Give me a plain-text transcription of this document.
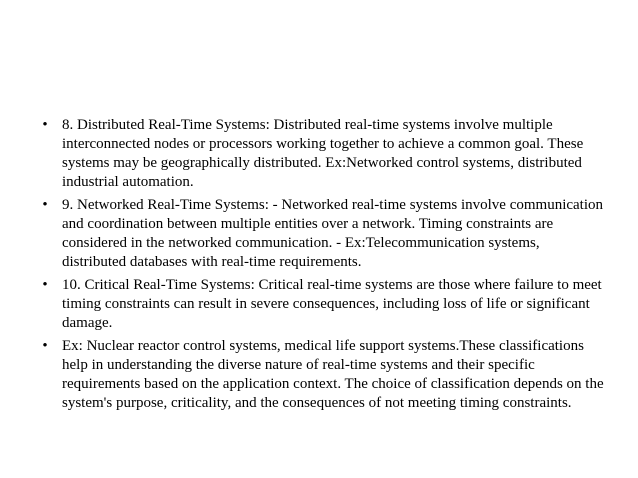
• 8. Distributed Real-Time Systems: Distributed real-time systems involve multiple interconnected nodes or processors working together to achieve a common goal. These systems may be geographically distributed. Ex:Networked control systems, distributed industrial automation.
• 9. Networked Real-Time Systems: - Networked real-time systems involve communication and coordination between multiple entities over a network. Timing constraints are considered in the networked communication. - Ex:Telecommunication systems, distributed databases with real-time requirements.
• 10. Critical Real-Time Systems: Critical real-time systems are those where failure to meet timing constraints can result in severe consequences, including loss of life or significant damage.
• Ex: Nuclear reactor control systems, medical life support systems.These classifications help in understanding the diverse nature of real-time systems and their specific requirements based on the application context. The choice of classification depends on the system's purpose, criticality, and the consequences of not meeting timing constraints.
